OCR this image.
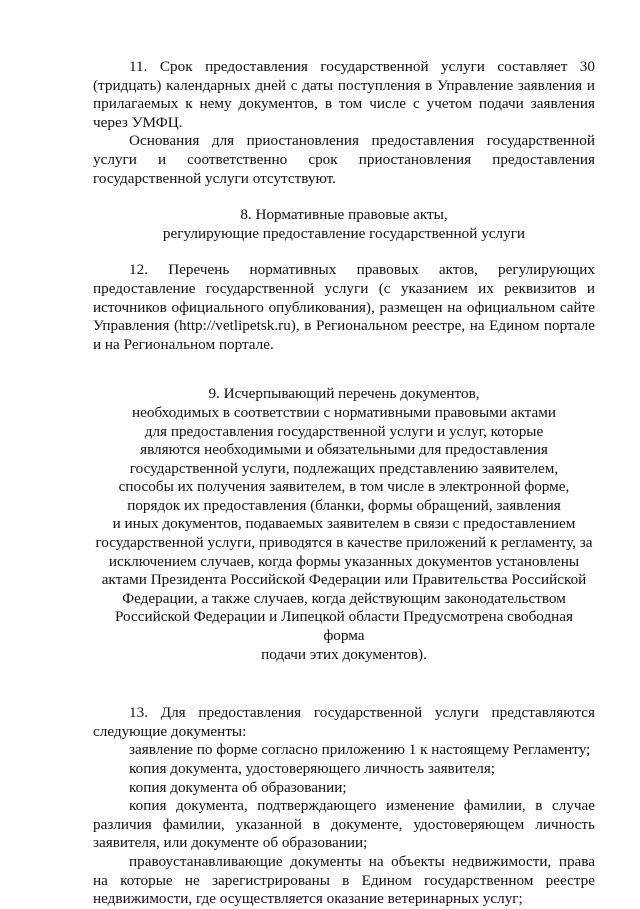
11. Срок предоставления государственной услуги составляет 30 (тридцать) календарных дней с даты поступления в Управление заявления и прилагаемых к нему документов, в том числе с учетом подачи заявления через УМФЦ.

Основания для приостановления предоставления государственной услуги и соответственно срок приостановления предоставления государственной услуги отсутствуют.

8. Нормативные правовые акты,
регулирующие предоставление государственной услуги

12. Перечень нормативных правовых актов, регулирующих предоставление государственной услуги (с указанием их реквизитов и источников официального опубликования), размещен на официальном сайте Управления (http://vetlipetsk.ru), в Региональном реестре, на Едином портале и на Региональном портале.

9. Исчерпывающий перечень документов,
необходимых в соответствии с нормативными правовыми актами
для предоставления государственной услуги и услуг, которые
являются необходимыми и обязательными для предоставления
государственной услуги, подлежащих представлению заявителем,
способы их получения заявителем, в том числе в электронной форме,
порядок их предоставления (бланки, формы обращений, заявления
и иных документов, подаваемых заявителем в связи с предоставлением
государственной услуги, приводятся в качестве приложений к регламенту, за
исключением случаев, когда формы указанных документов установлены
актами Президента Российской Федерации или Правительства Российской
Федерации, а также случаев, когда действующим законодательством
Российской Федерации и Липецкой области Предусмотрена свободная форма
подачи этих документов).

13. Для предоставления государственной услуги представляются следующие документы:

заявление по форме согласно приложению 1 к настоящему Регламенту;

копия документа, удостоверяющего личность заявителя;

копия документа об образовании;

копия документа, подтверждающего изменение фамилии, в случае различия фамилии, указанной в документе, удостоверяющем личность заявителя, или документе об образовании;

правоустанавливающие документы на объекты недвижимости, права на которые не зарегистрированы в Едином государственном реестре недвижимости, где осуществляется оказание ветеринарных услуг;
